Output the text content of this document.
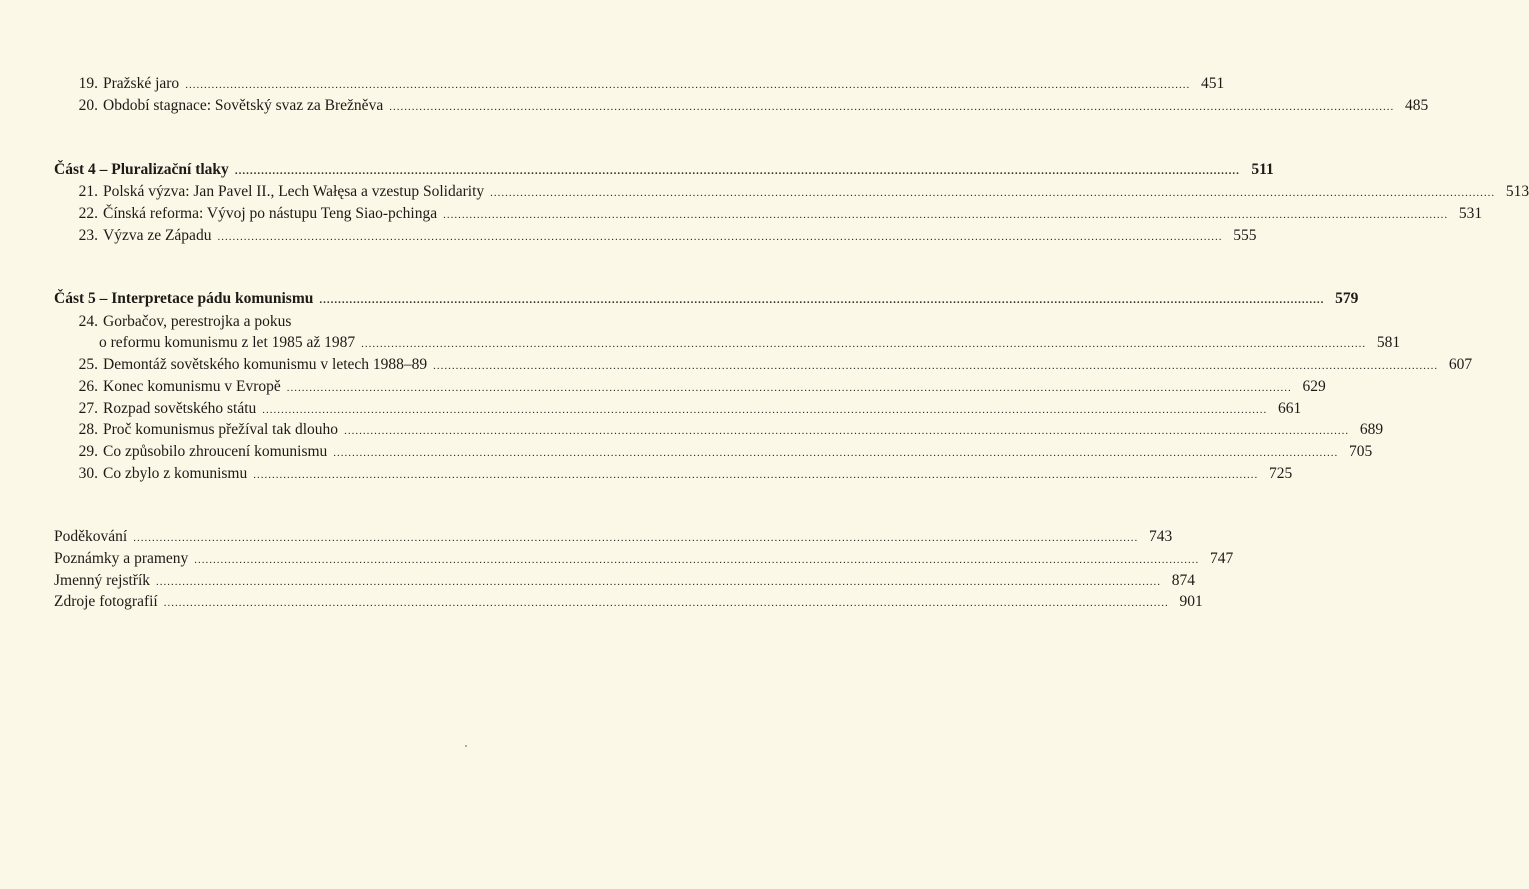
19. Pražské jaro .....	451
20. Období stagnace: Sovětský svaz za Brežněva .....	485
Část 4 – Pluralizační tlaky .....	511
21. Polská výzva: Jan Pavel II., Lech Wałęsa a vzestup Solidarity .....	513
22. Čínská reforma: Vývoj po nástupu Teng Siao-pchinga .....	531
23. Výzva ze Západu .....	555
Část 5 – Interpretace pádu komunismu .....	579
24. Gorbačov, perestrojka a pokus
o reformu komunismu z let 1985 až 1987 .....	581
25. Demontáž sovětského komunismu v letech 1988–89 .....	607
26. Konec komunismu v Evropě .....	629
27. Rozpad sovětského státu .....	661
28. Proč komunismus přežíval tak dlouho .....	689
29. Co způsobilo zhroucení komunismu .....	705
30. Co zbylo z komunismu .....	725
Poděkování .....	743
Poznámky a prameny .....	747
Jmenný rejstřík .....	874
Zdroje fotografií .....	901
